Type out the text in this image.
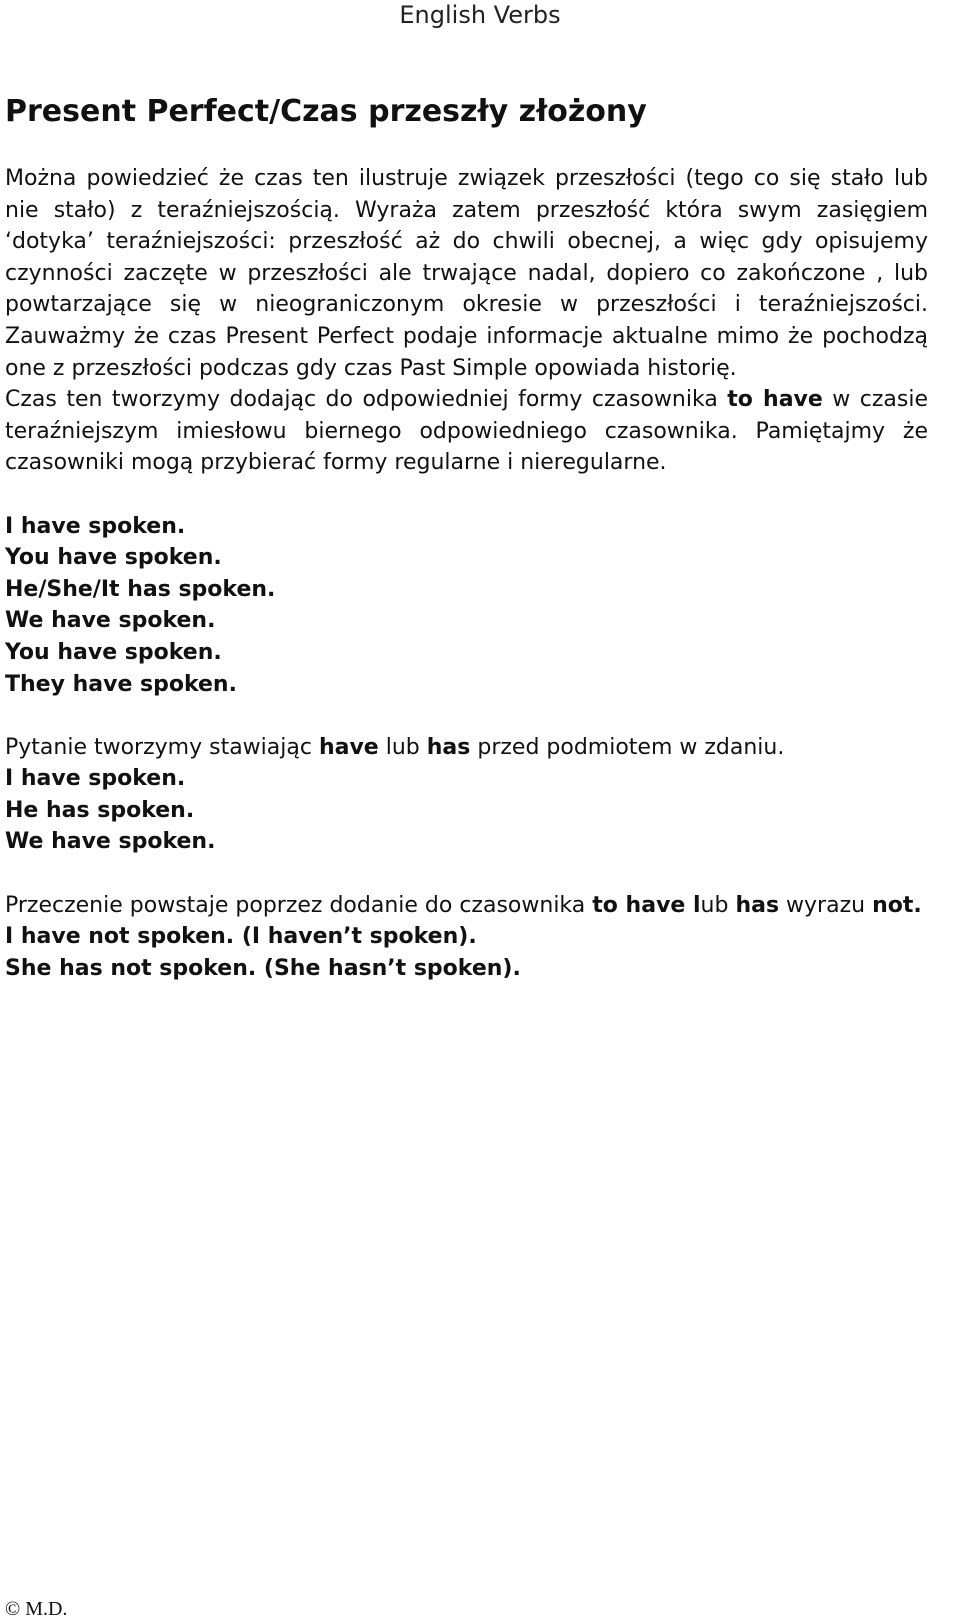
English Verbs
Present Perfect/Czas przeszły złożony

Można powiedzieć że czas ten ilustruje związek przeszłości (tego co się stało lub nie stało) z teraźniejszością. Wyraża zatem przeszłość która swym zasięgiem ‘dotyka’ teraźniejszości: przeszłość aż do chwili obecnej, a więc gdy opisujemy czynności zaczęte w przeszłości ale trwające nadal, dopiero co zakończone , lub powtarzające się w nieograniczonym okresie w przeszłości i teraźniejszości. Zauważmy że czas Present Perfect podaje informacje aktualne mimo że pochodzą one z przeszłości podczas gdy czas Past Simple opowiada historię.

Czas ten tworzymy dodając do odpowiedniej formy czasownika to have w czasie teraźniejszym imiesłowu biernego odpowiedniego czasownika. Pamiętajmy że czasowniki mogą przybierać formy regularne i nieregularne.

I have spoken.

You have spoken.

He/She/It has spoken.

We have spoken.

You have spoken.

They have spoken.

Pytanie tworzymy stawiając have lub has przed podmiotem w zdaniu.

I have spoken.

He has spoken.

We have spoken.

Przeczenie powstaje poprzez dodanie do czasownika to have lub has wyrazu not.

I have not spoken. (I haven’t spoken).

She has not spoken. (She hasn’t spoken).

© M.D.
